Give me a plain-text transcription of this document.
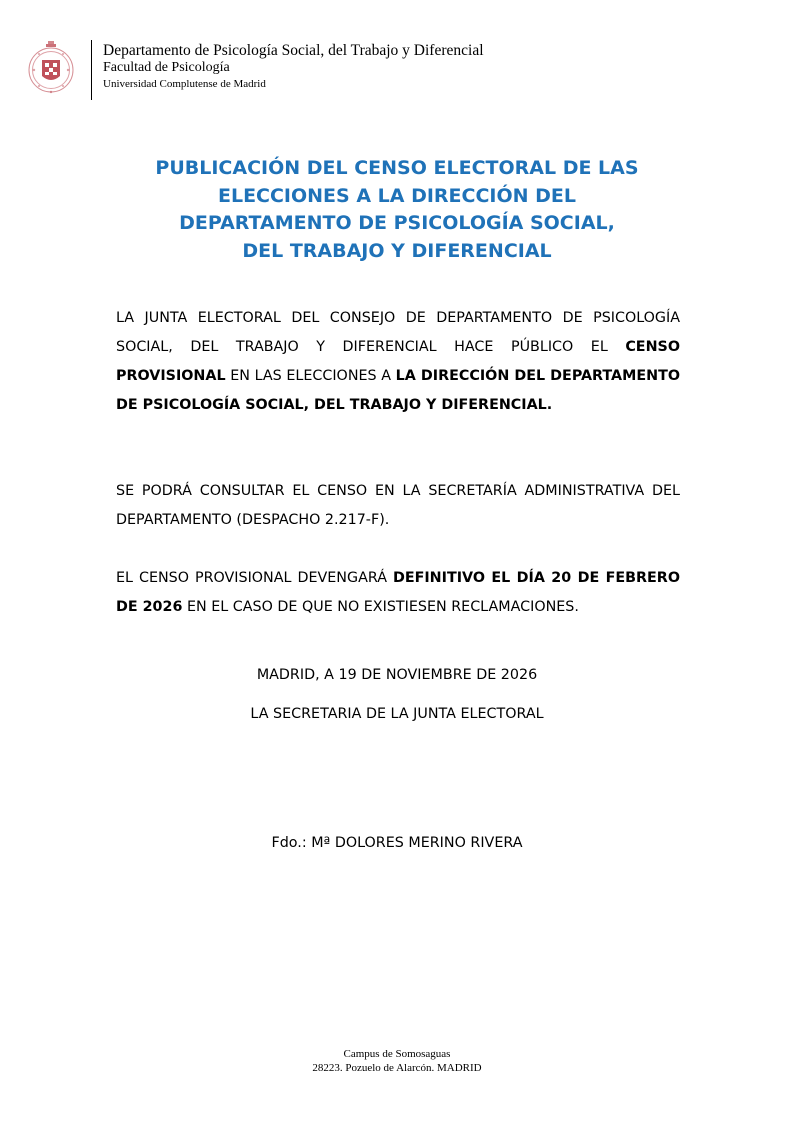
Departamento de Psicología Social, del Trabajo y Diferencial
Facultad de Psicología
Universidad Complutense de Madrid
PUBLICACIÓN DEL CENSO ELECTORAL DE LAS
ELECCIONES A LA DIRECCIÓN DEL
DEPARTAMENTO DE PSICOLOGÍA SOCIAL,
DEL TRABAJO Y DIFERENCIAL
LA JUNTA ELECTORAL DEL CONSEJO DE DEPARTAMENTO DE PSICOLOGÍA SOCIAL, DEL TRABAJO Y DIFERENCIAL HACE PÚBLICO EL CENSO PROVISIONAL EN LAS ELECCIONES A LA DIRECCIÓN DEL DEPARTAMENTO DE PSICOLOGÍA SOCIAL, DEL TRABAJO Y DIFERENCIAL.
SE PODRÁ CONSULTAR EL CENSO EN LA SECRETARÍA ADMINISTRATIVA DEL DEPARTAMENTO (DESPACHO 2.217-F).
EL CENSO PROVISIONAL DEVENGARÁ DEFINITIVO EL DÍA 20 DE FEBRERO DE 2026 EN EL CASO DE QUE NO EXISTIESEN RECLAMACIONES.
MADRID, A 19 DE NOVIEMBRE DE 2026
LA SECRETARIA DE LA JUNTA ELECTORAL
Fdo.: Mª DOLORES MERINO RIVERA
Campus de Somosaguas
28223. Pozuelo de Alarcón. MADRID
